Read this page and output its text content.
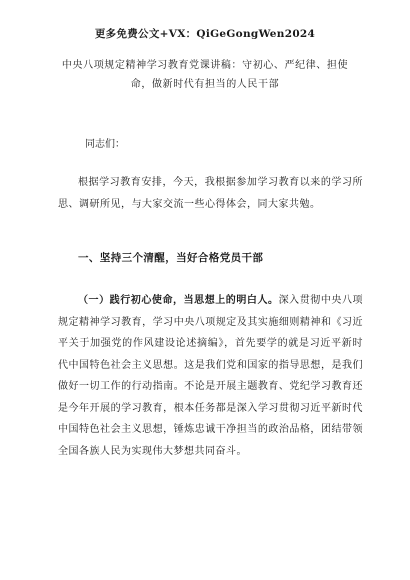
更多免费公文+VX：QiGeGongWen2024
中央八项规定精神学习教育党课讲稿：守初心、严纪律、担使命，做新时代有担当的人民干部
同志们：
根据学习教育安排，今天，我根据参加学习教育以来的学习所思、调研所见，与大家交流一些心得体会，同大家共勉。
一、坚持三个清醒，当好合格党员干部
（一）践行初心使命，当思想上的明白人。深入贯彻中央八项规定精神学习教育，学习中央八项规定及其实施细则精神和《习近平关于加强党的作风建设论述摘编》，首先要学的就是习近平新时代中国特色社会主义思想。这是我们党和国家的指导思想，是我们做好一切工作的行动指南。不论是开展主题教育、党纪学习教育还是今年开展的学习教育，根本任务都是深入学习贯彻习近平新时代中国特色社会主义思想，锤炼忠诚干净担当的政治品格，团结带领全国各族人民为实现伟大梦想共同奋斗。
